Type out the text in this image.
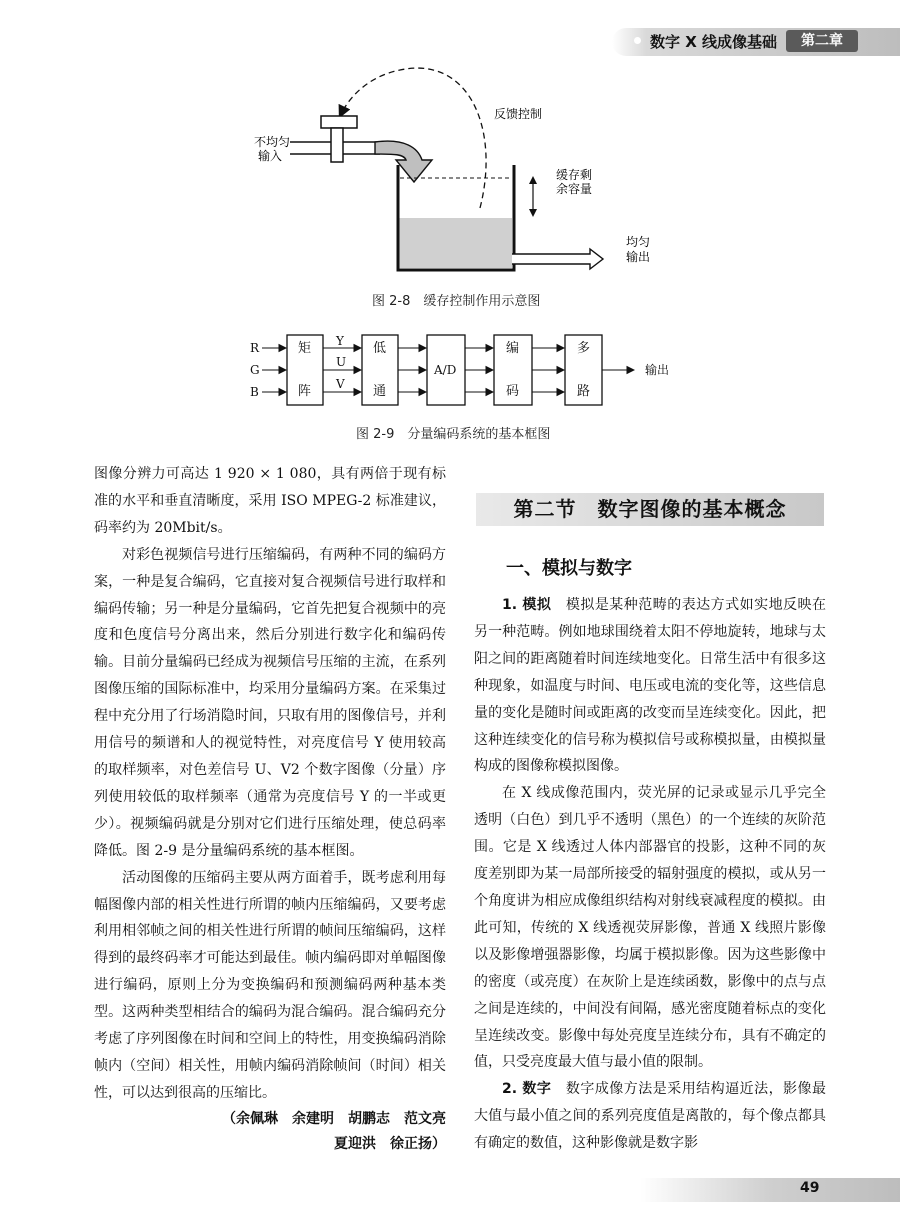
数字 X 线成像基础	第二章
不均匀
输入
反馈控制
缓存剩
余容量
均匀
输出
图 2-8　缓存控制作用示意图
R
G
B
Y
U
V
矩
阵
低
通
A/D
编
码
多
路
输出
图 2-9　分量编码系统的基本框图

图像分辨力可高达 1 920 × 1 080，具有两倍于现有标准的水平和垂直清晰度，采用 ISO MPEG-2 标准建议，码率约为 20Mbit/s。

对彩色视频信号进行压缩编码，有两种不同的编码方案，一种是复合编码，它直接对复合视频信号进行取样和编码传输；另一种是分量编码，它首先把复合视频中的亮度和色度信号分离出来，然后分别进行数字化和编码传输。目前分量编码已经成为视频信号压缩的主流，在系列图像压缩的国际标准中，均采用分量编码方案。在采集过程中充分用了行场消隐时间，只取有用的图像信号，并利用信号的频谱和人的视觉特性，对亮度信号 Y 使用较高的取样频率，对色差信号 U、V2 个数字图像（分量）序列使用较低的取样频率（通常为亮度信号 Y 的一半或更少）。视频编码就是分别对它们进行压缩处理，使总码率降低。图 2-9 是分量编码系统的基本框图。

活动图像的压缩码主要从两方面着手，既考虑利用每幅图像内部的相关性进行所谓的帧内压缩编码，又要考虑利用相邻帧之间的相关性进行所谓的帧间压缩编码，这样得到的最终码率才可能达到最佳。帧内编码即对单幅图像进行编码，原则上分为变换编码和预测编码两种基本类型。这两种类型相结合的编码为混合编码。混合编码充分考虑了序列图像在时间和空间上的特性，用变换编码消除帧内（空间）相关性，用帧内编码消除帧间（时间）相关性，可以达到很高的压缩比。

（余佩琳　余建明　胡鹏志　范文亮
夏迎洪　徐正扬）
第二节　数字图像的基本概念
一、模拟与数字

1. 模拟　 模拟是某种范畴的表达方式如实地反映在另一种范畴。例如地球围绕着太阳不停地旋转，地球与太阳之间的距离随着时间连续地变化。日常生活中有很多这种现象，如温度与时间、电压或电流的变化等，这些信息量的变化是随时间或距离的改变而呈连续变化。因此，把这种连续变化的信号称为模拟信号或称模拟量，由模拟量构成的图像称模拟图像。

在 X 线成像范围内，荧光屏的记录或显示几乎完全透明（白色）到几乎不透明（黑色）的一个连续的灰阶范围。它是 X 线透过人体内部器官的投影，这种不同的灰度差别即为某一局部所接受的辐射强度的模拟，或从另一个角度讲为相应成像组织结构对射线衰减程度的模拟。由此可知，传统的 X 线透视荧屏影像，普通 X 线照片影像以及影像增强器影像，均属于模拟影像。因为这些影像中的密度（或亮度）在灰阶上是连续函数，影像中的点与点之间是连续的，中间没有间隔，感光密度随着标点的变化呈连续改变。影像中每处亮度呈连续分布，具有不确定的值，只受亮度最大值与最小值的限制。

2. 数字　 数字成像方法是采用结构逼近法，影像最大值与最小值之间的系列亮度值是离散的，每个像点都具有确定的数值，这种影像就是数字影

49
